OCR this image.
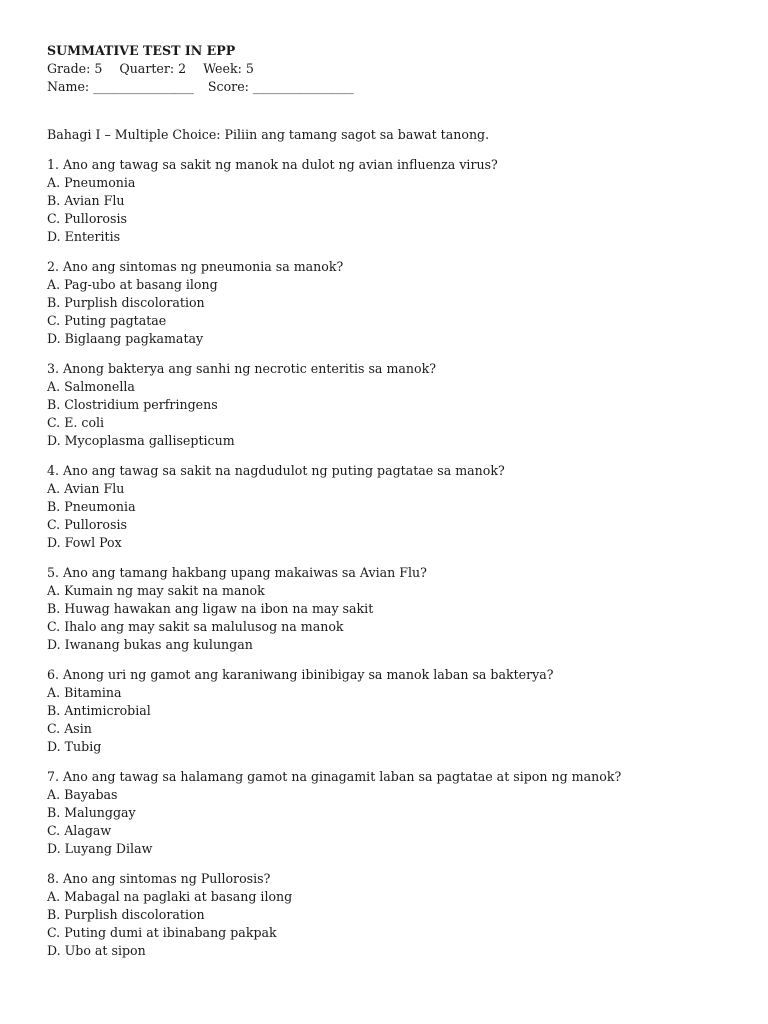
SUMMATIVE TEST IN EPP

Grade: 5 Quarter: 2 Week: 5

Name: ________________ Score: ________________

Bahagi I – Multiple Choice: Piliin ang tamang sagot sa bawat tanong.

1. Ano ang tawag sa sakit ng manok na dulot ng avian influenza virus?

A. Pneumonia

B. Avian Flu

C. Pullorosis

D. Enteritis

2. Ano ang sintomas ng pneumonia sa manok?

A. Pag-ubo at basang ilong

B. Purplish discoloration

C. Puting pagtatae

D. Biglaang pagkamatay

3. Anong bakterya ang sanhi ng necrotic enteritis sa manok?

A. Salmonella

B. Clostridium perfringens

C. E. coli

D. Mycoplasma gallisepticum

4. Ano ang tawag sa sakit na nagdudulot ng puting pagtatae sa manok?

A. Avian Flu

B. Pneumonia

C. Pullorosis

D. Fowl Pox

5. Ano ang tamang hakbang upang makaiwas sa Avian Flu?

A. Kumain ng may sakit na manok

B. Huwag hawakan ang ligaw na ibon na may sakit

C. Ihalo ang may sakit sa malulusog na manok

D. Iwanang bukas ang kulungan

6. Anong uri ng gamot ang karaniwang ibinibigay sa manok laban sa bakterya?

A. Bitamina

B. Antimicrobial

C. Asin

D. Tubig

7. Ano ang tawag sa halamang gamot na ginagamit laban sa pagtatae at sipon ng manok?

A. Bayabas

B. Malunggay

C. Alagaw

D. Luyang Dilaw

8. Ano ang sintomas ng Pullorosis?

A. Mabagal na paglaki at basang ilong

B. Purplish discoloration

C. Puting dumi at ibinabang pakpak

D. Ubo at sipon
